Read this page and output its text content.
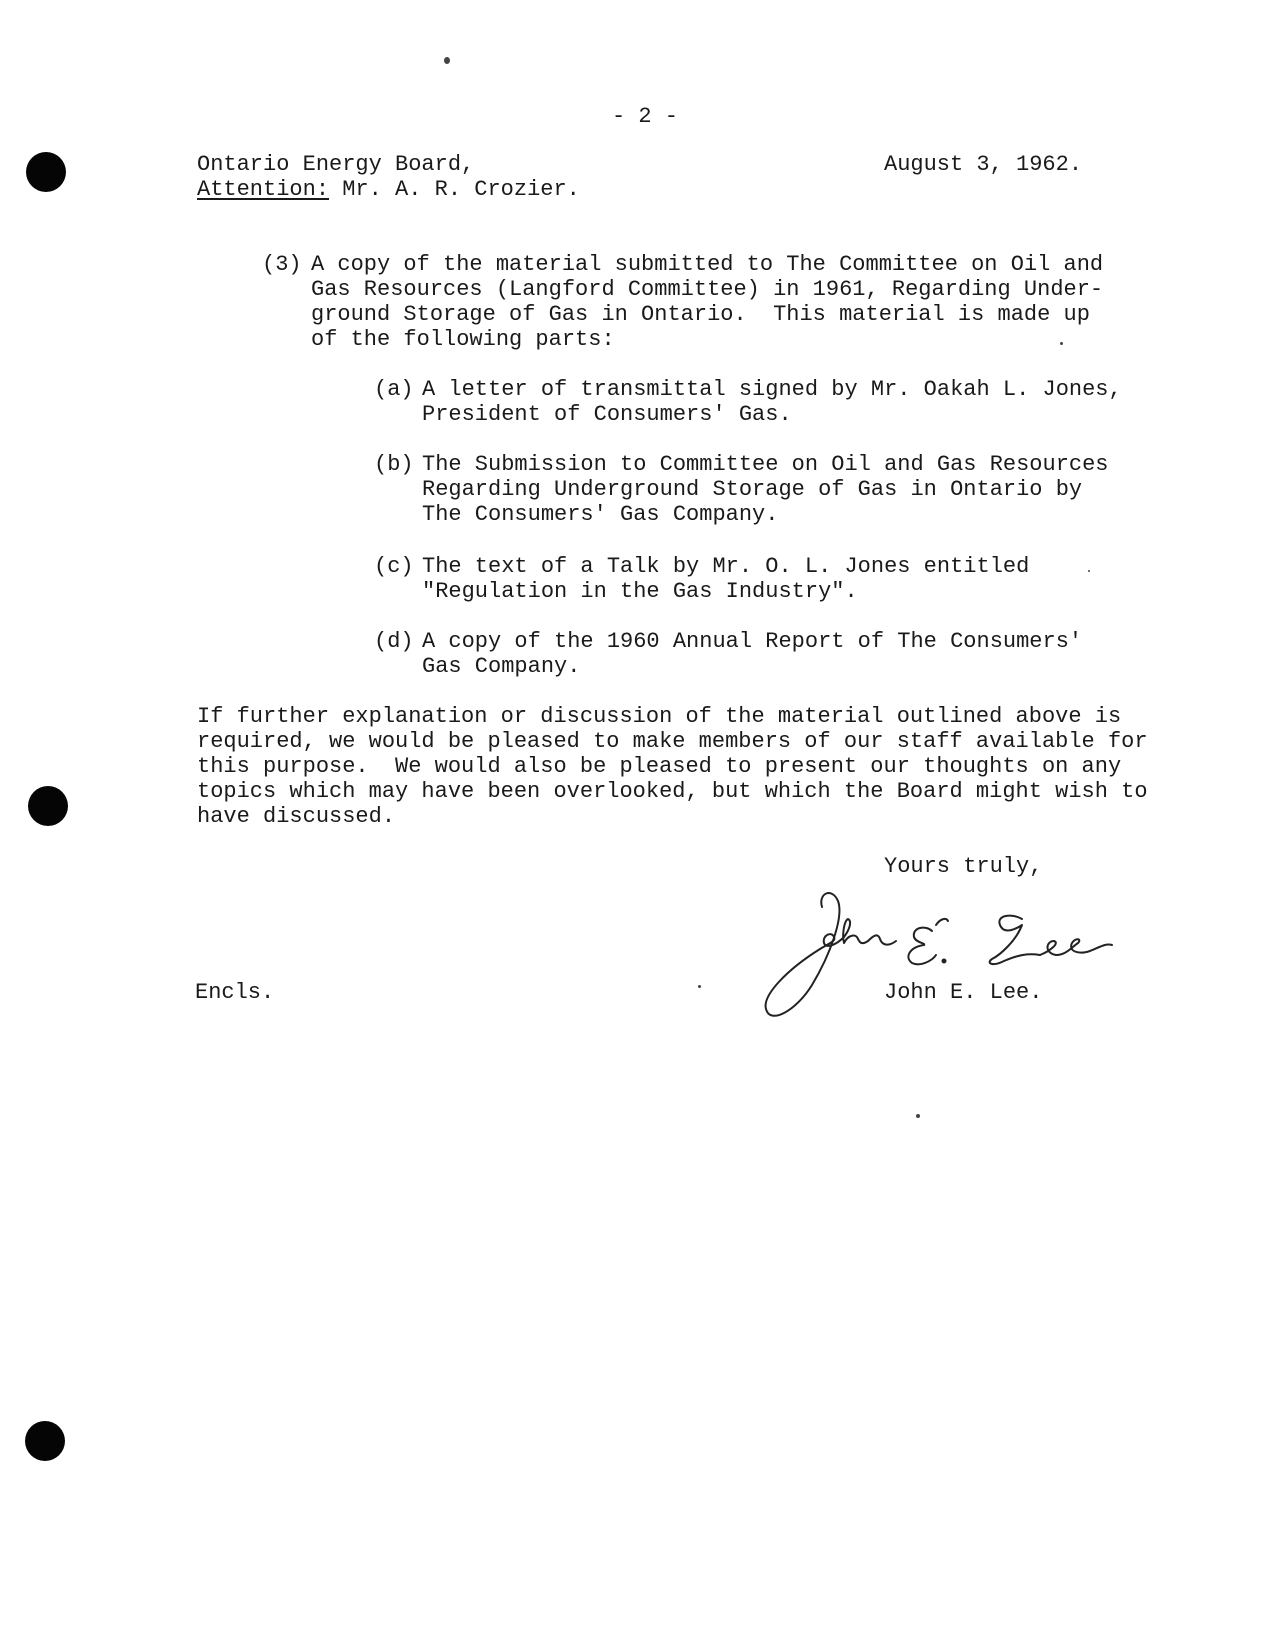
- 2 -
Ontario Energy Board,
Attention: Mr. A. R. Crozier.
August 3, 1962.
(3) A copy of the material submitted to The Committee on Oil and
Gas Resources (Langford Committee) in 1961, Regarding Under-
ground Storage of Gas in Ontario.  This material is made up
of the following parts:
(a) A letter of transmittal signed by Mr. Oakah L. Jones,
President of Consumers' Gas.
(b) The Submission to Committee on Oil and Gas Resources
Regarding Underground Storage of Gas in Ontario by
The Consumers' Gas Company.
(c) The text of a Talk by Mr. O. L. Jones entitled
"Regulation in the Gas Industry".
(d) A copy of the 1960 Annual Report of The Consumers'
Gas Company.
If further explanation or discussion of the material outlined above is
required, we would be pleased to make members of our staff available for
this purpose.  We would also be pleased to present our thoughts on any
topics which may have been overlooked, but which the Board might wish to
have discussed.
Yours truly,
John E. Lee.
Encls.
